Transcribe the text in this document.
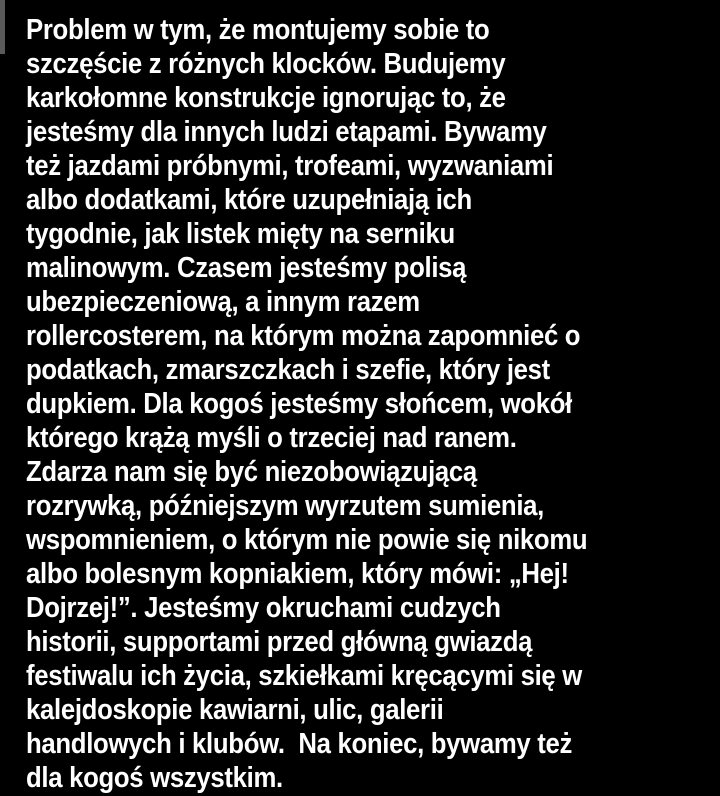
Problem w tym, że montujemy sobie to
szczęście z różnych klocków. Budujemy
karkołomne konstrukcje ignorując to, że
jesteśmy dla innych ludzi etapami. Bywamy
też jazdami próbnymi, trofeami, wyzwaniami
albo dodatkami, które uzupełniają ich
tygodnie, jak listek mięty na serniku
malinowym. Czasem jesteśmy polisą
ubezpieczeniową, a innym razem
rollercosterem, na którym można zapomnieć o
podatkach, zmarszczkach i szefie, który jest
dupkiem. Dla kogoś jesteśmy słońcem, wokół
którego krążą myśli o trzeciej nad ranem.
Zdarza nam się być niezobowiązującą
rozrywką, późniejszym wyrzutem sumienia,
wspomnieniem, o którym nie powie się nikomu
albo bolesnym kopniakiem, który mówi: „Hej!
Dojrzej!”. Jesteśmy okruchami cudzych
historii, supportami przed główną gwiazdą
festiwalu ich życia, szkiełkami kręcącymi się w
kalejdoskopie kawiarni, ulic, galerii
handlowych i klubów.  Na koniec, bywamy też
dla kogoś wszystkim.
